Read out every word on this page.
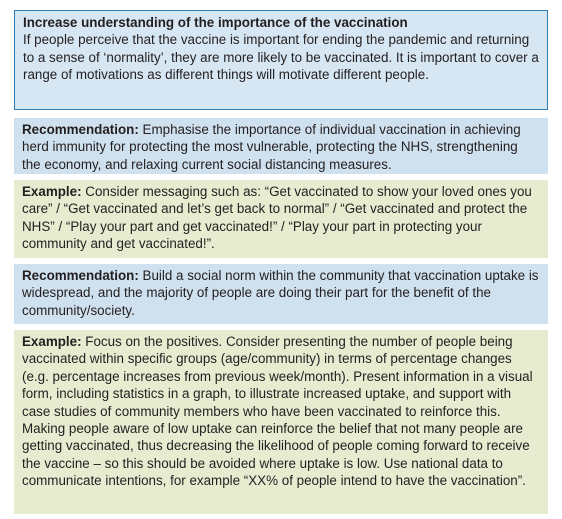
Increase understanding of the importance of the vaccination

If people perceive that the vaccine is important for ending the pandemic and returning to a sense of ‘normality’, they are more likely to be vaccinated. It is important to cover a range of motivations as different things will motivate different people.

Recommendation: Emphasise the importance of individual vaccination in achieving herd immunity for protecting the most vulnerable, protecting the NHS, strengthening the economy, and relaxing current social distancing measures.

Example: Consider messaging such as: “Get vaccinated to show your loved ones you care” / “Get vaccinated and let’s get back to normal” / “Get vaccinated and protect the NHS” / “Play your part and get vaccinated!” / “Play your part in protecting your community and get vaccinated!”.

Recommendation: Build a social norm within the community that vaccination uptake is widespread, and the majority of people are doing their part for the benefit of the community/society.

Example: Focus on the positives. Consider presenting the number of people being vaccinated within specific groups (age/community) in terms of percentage changes (e.g. percentage increases from previous week/month). Present information in a visual form, including statistics in a graph, to illustrate increased uptake, and support with case studies of community members who have been vaccinated to reinforce this. Making people aware of low uptake can reinforce the belief that not many people are getting vaccinated, thus decreasing the likelihood of people coming forward to receive the vaccine – so this should be avoided where uptake is low. Use national data to communicate intentions, for example “XX% of people intend to have the vaccination”.
